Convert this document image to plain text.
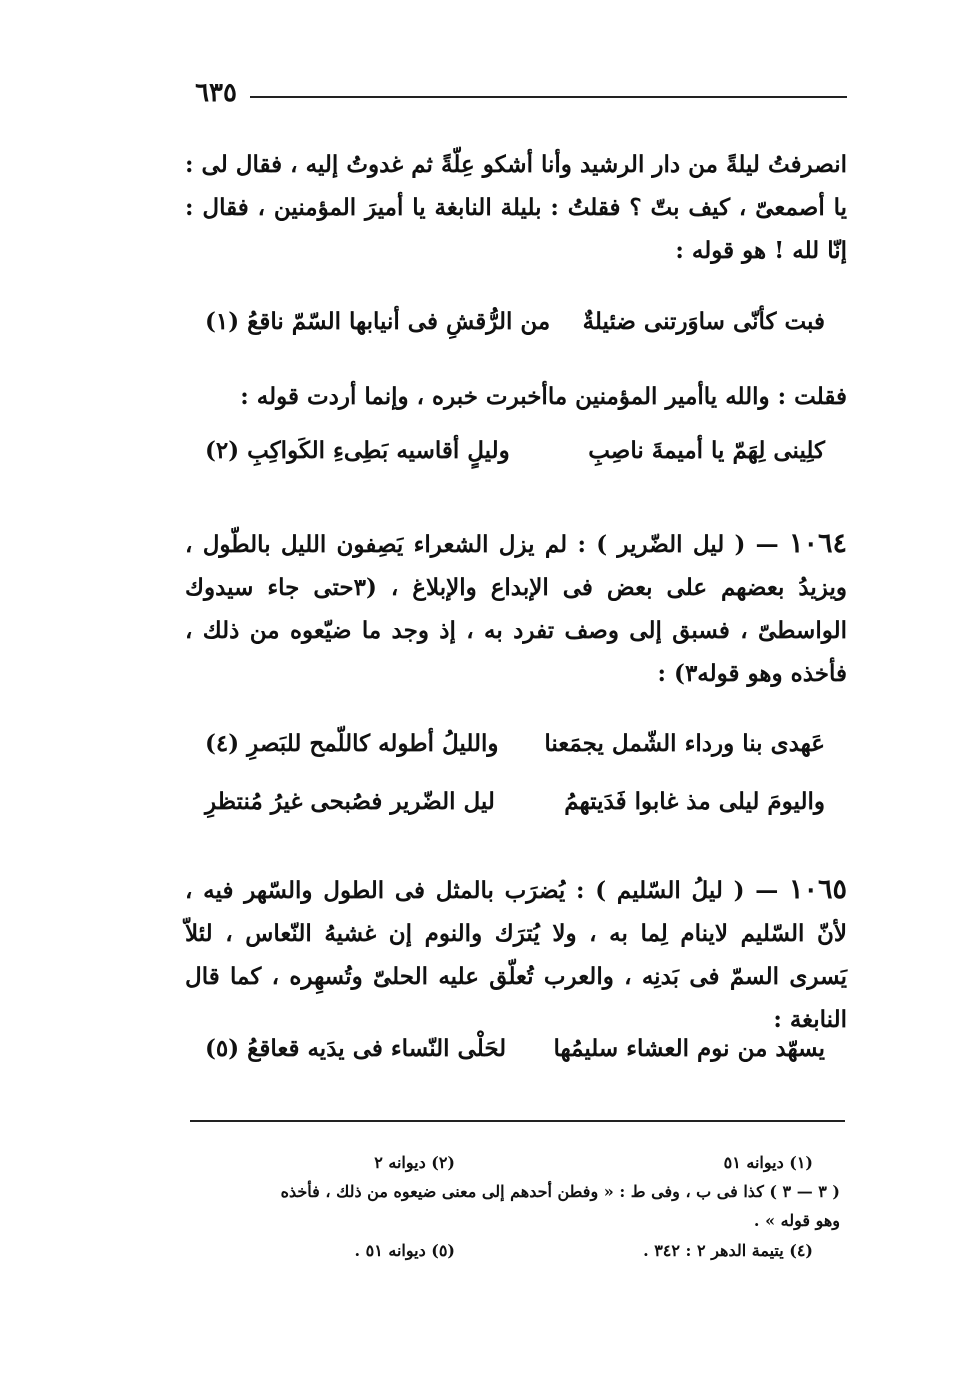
٦٣٥
انصرفتُ ليلةً من دار الرشيد وأنا أشكو عِلّةً ثم غدوتُ إليه ، فقال لى : يا أصمعىّ ، كيف بتّ ؟ فقلتُ : بليلة النابغة يا أميرَ المؤمنين ، فقال : إنّا لله ! هو قوله :
فبت كأنّى ساوَرتنى ضئيلةٌ
من الرُّقشِ فى أنيابها السّمّ ناقعُ (١)
فقلت : والله ياأمير المؤمنين ماأخبرت خبره ، وإنما أردت قوله :
كلِينى لِهَمّ يا أميمةَ ناصِبِ
وليلٍ أقاسيه بَطِىءِ الكَواكِبِ (٢)
١٠٦٤ — ( ليل الضّرير ) : لم يزل الشعراء يَصِفون الليل بالطّول ، ويزيدُ بعضهم على بعض فى الإبداع والإبلاغ ، (٣حتى جاء سيدوك الواسطىّ ، فسبق إلى وصف تفرد به ، إذ وجد ما ضيّعوه من ذلك ، فأخذه وهو قوله٣) :
عَهدى بنا ورداء الشّمل يجمَعنا
والليلُ أطوله كاللّمح للبَصرِ (٤)
واليومَ ليلى مذ غابوا فَدَيتهمُ
ليل الضّرير فصُبحى غيرُ مُنتظرِ
١٠٦٥ — ( ليلُ السّليم ) : يُضرَب بالمثل فى الطول والسّهر فيه ، لأنّ السّليم لاينام لِما به ، ولا يُترَك والنوم إن غشيهُ النّعاس ، لئلاّ يَسرى السمّ فى بَدنِه ، والعرب تُعلّق عليه الحلىّ وتُسهِره ، كما قال النابغة :
يسهّد من نوم العشاء سليمُها
لحَلْى النّساء فى يدَيه قعاقعُ (٥)
(١) ديوانه ٥١
(٢) ديوانه ٢
( ٣ — ٣ ) كذا فى ب ، وفى ط : « وفطن أحدهم إلى معنى ضيعوه من ذلك ، فأخذه
وهو قوله » .
(٤) يتيمة الدهر ٢ : ٣٤٢ .
(٥) ديوانه ٥١ .
